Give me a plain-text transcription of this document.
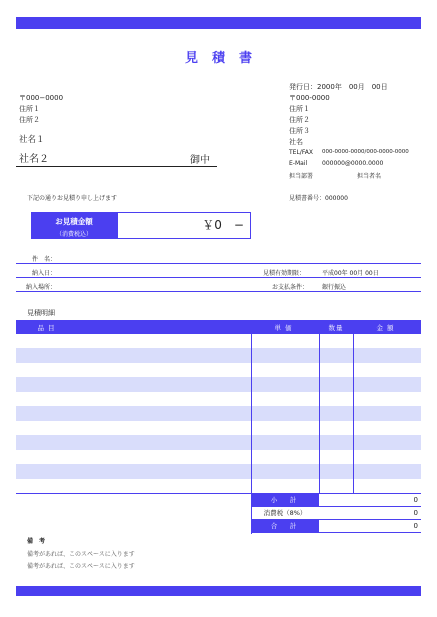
見積書
〒000−0000
住所１
住所２
社名１
社名２	御中
下記の通りお見積り申し上げます
発行日：2000年　00月　00日
〒000-0000
住所１
住所２
住所３
社名
TEL/FAX 000-0000-0000/000-0000-0000
E-Mail 000000@0000.0000
担当部署	担当者名
見積書番号：000000
お見積金額
（消費税込）
￥0　−
件　名：
納入日：	見積有効期限：	平成00年 00月 00日
納入場所：	お支払条件： 銀行振込
見積明細
品目	単価	数量	金額
小　計	0
消費税（8%）	0
合　計	0
備　考
備考があれば、このスペースに入ります
備考があれば、このスペースに入ります
